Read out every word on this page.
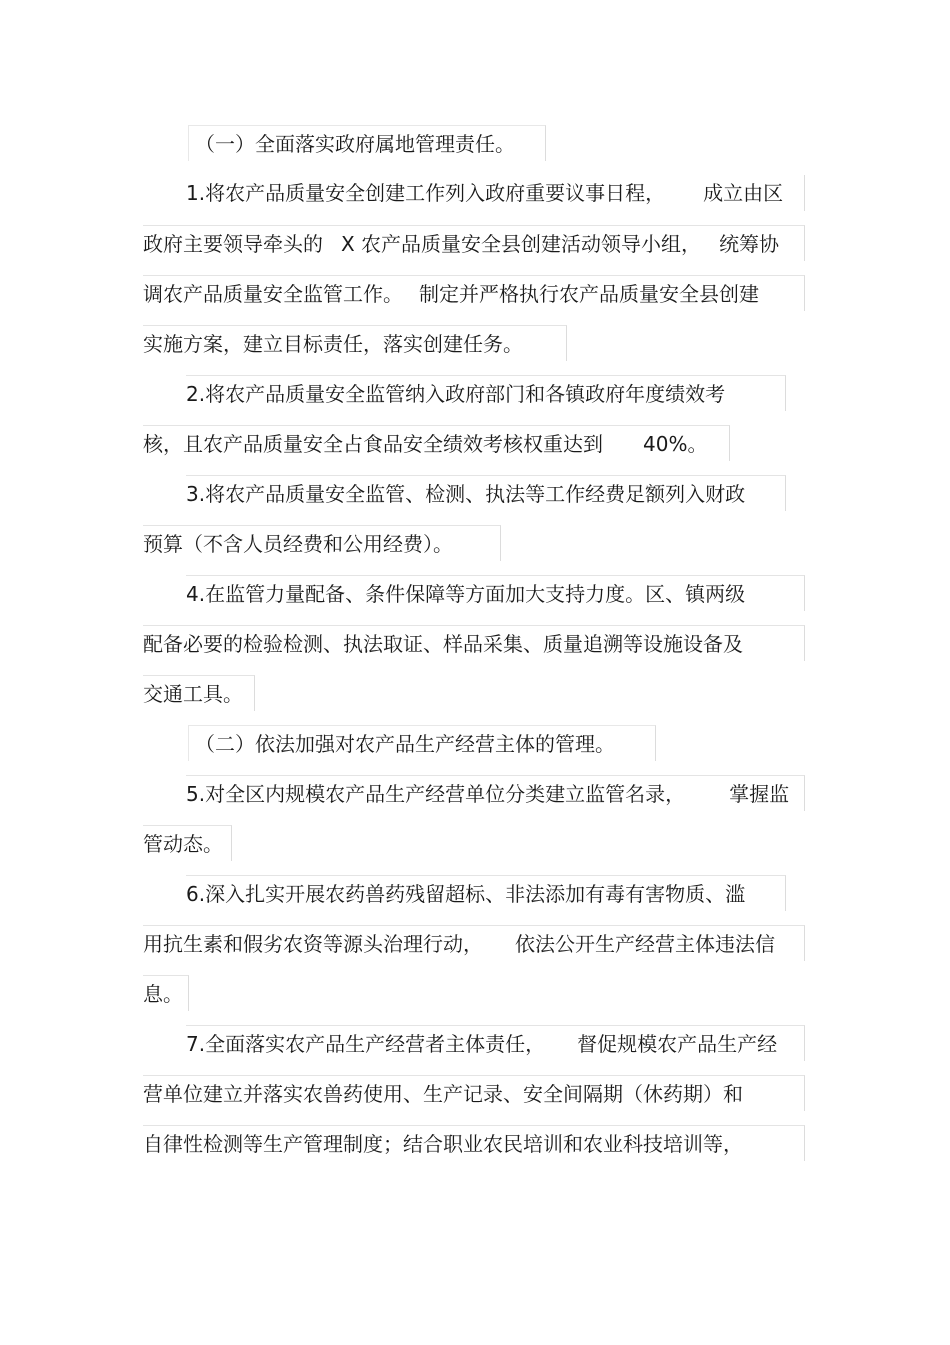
（一）全面落实政府属地管理责任。
1.将农产品质量安全创建工作列入政府重要议事日程， 成立由区
政府主要领导牵头的 X 农产品质量安全县创建活动领导小组， 统筹协
调农产品质量安全监管工作。 制定并严格执行农产品质量安全县创建
实施方案，建立目标责任，落实创建任务。
2.将农产品质量安全监管纳入政府部门和各镇政府年度绩效考
核，且农产品质量安全占食品安全绩效考核权重达到 40%。
3.将农产品质量安全监管、检测、执法等工作经费足额列入财政
预算（不含人员经费和公用经费）。
4.在监管力量配备、条件保障等方面加大支持力度。区、镇两级
配备必要的检验检测、执法取证、样品采集、质量追溯等设施设备及
交通工具。
（二）依法加强对农产品生产经营主体的管理。
5.对全区内规模农产品生产经营单位分类建立监管名录， 掌握监
管动态。
6.深入扎实开展农药兽药残留超标、非法添加有毒有害物质、滥
用抗生素和假劣农资等源头治理行动， 依法公开生产经营主体违法信
息。
7.全面落实农产品生产经营者主体责任， 督促规模农产品生产经
营单位建立并落实农兽药使用、生产记录、安全间隔期（休药期）和
自律性检测等生产管理制度；结合职业农民培训和农业科技培训等，
